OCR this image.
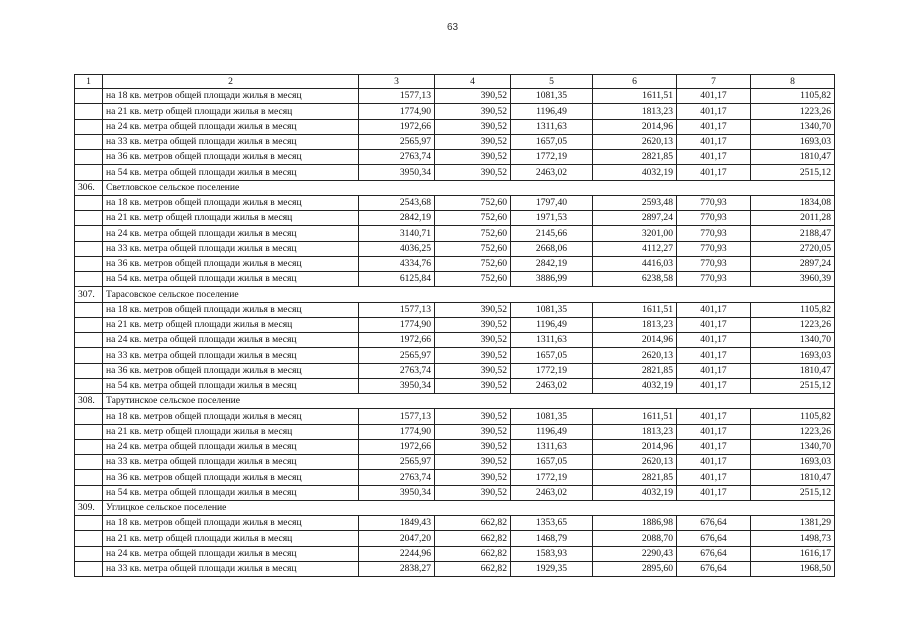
63
1	2	3	4	5	6	7	8
	на 18 кв. метров общей площади жилья в месяц	1577,13	390,52	1081,35	1611,51	401,17	1105,82
	на 21 кв. метр общей площади жилья в месяц	1774,90	390,52	1196,49	1813,23	401,17	1223,26
	на 24 кв. метра общей площади жилья в месяц	1972,66	390,52	1311,63	2014,96	401,17	1340,70
	на 33 кв. метра общей площади жилья в месяц	2565,97	390,52	1657,05	2620,13	401,17	1693,03
	на 36 кв. метров общей площади жилья в месяц	2763,74	390,52	1772,19	2821,85	401,17	1810,47
	на 54 кв. метра общей площади жилья в месяц	3950,34	390,52	2463,02	4032,19	401,17	2515,12
306.	Светловское сельское поселение						
	на 18 кв. метров общей площади жилья в месяц	2543,68	752,60	1797,40	2593,48	770,93	1834,08
	на 21 кв. метр общей площади жилья в месяц	2842,19	752,60	1971,53	2897,24	770,93	2011,28
	на 24 кв. метра общей площади жилья в месяц	3140,71	752,60	2145,66	3201,00	770,93	2188,47
	на 33 кв. метра общей площади жилья в месяц	4036,25	752,60	2668,06	4112,27	770,93	2720,05
	на 36 кв. метров общей площади жилья в месяц	4334,76	752,60	2842,19	4416,03	770,93	2897,24
	на 54 кв. метра общей площади жилья в месяц	6125,84	752,60	3886,99	6238,58	770,93	3960,39
307.	Тарасовское сельское поселение						
	на 18 кв. метров общей площади жилья в месяц	1577,13	390,52	1081,35	1611,51	401,17	1105,82
	на 21 кв. метр общей площади жилья в месяц	1774,90	390,52	1196,49	1813,23	401,17	1223,26
	на 24 кв. метра общей площади жилья в месяц	1972,66	390,52	1311,63	2014,96	401,17	1340,70
	на 33 кв. метра общей площади жилья в месяц	2565,97	390,52	1657,05	2620,13	401,17	1693,03
	на 36 кв. метров общей площади жилья в месяц	2763,74	390,52	1772,19	2821,85	401,17	1810,47
	на 54 кв. метра общей площади жилья в месяц	3950,34	390,52	2463,02	4032,19	401,17	2515,12
308.	Тарутинское сельское поселение						
	на 18 кв. метров общей площади жилья в месяц	1577,13	390,52	1081,35	1611,51	401,17	1105,82
	на 21 кв. метр общей площади жилья в месяц	1774,90	390,52	1196,49	1813,23	401,17	1223,26
	на 24 кв. метра общей площади жилья в месяц	1972,66	390,52	1311,63	2014,96	401,17	1340,70
	на 33 кв. метра общей площади жилья в месяц	2565,97	390,52	1657,05	2620,13	401,17	1693,03
	на 36 кв. метров общей площади жилья в месяц	2763,74	390,52	1772,19	2821,85	401,17	1810,47
	на 54 кв. метра общей площади жилья в месяц	3950,34	390,52	2463,02	4032,19	401,17	2515,12
309.	Углицкое сельское поселение						
	на 18 кв. метров общей площади жилья в месяц	1849,43	662,82	1353,65	1886,98	676,64	1381,29
	на 21 кв. метр общей площади жилья в месяц	2047,20	662,82	1468,79	2088,70	676,64	1498,73
	на 24 кв. метра общей площади жилья в месяц	2244,96	662,82	1583,93	2290,43	676,64	1616,17
	на 33 кв. метра общей площади жилья в месяц	2838,27	662,82	1929,35	2895,60	676,64	1968,50
